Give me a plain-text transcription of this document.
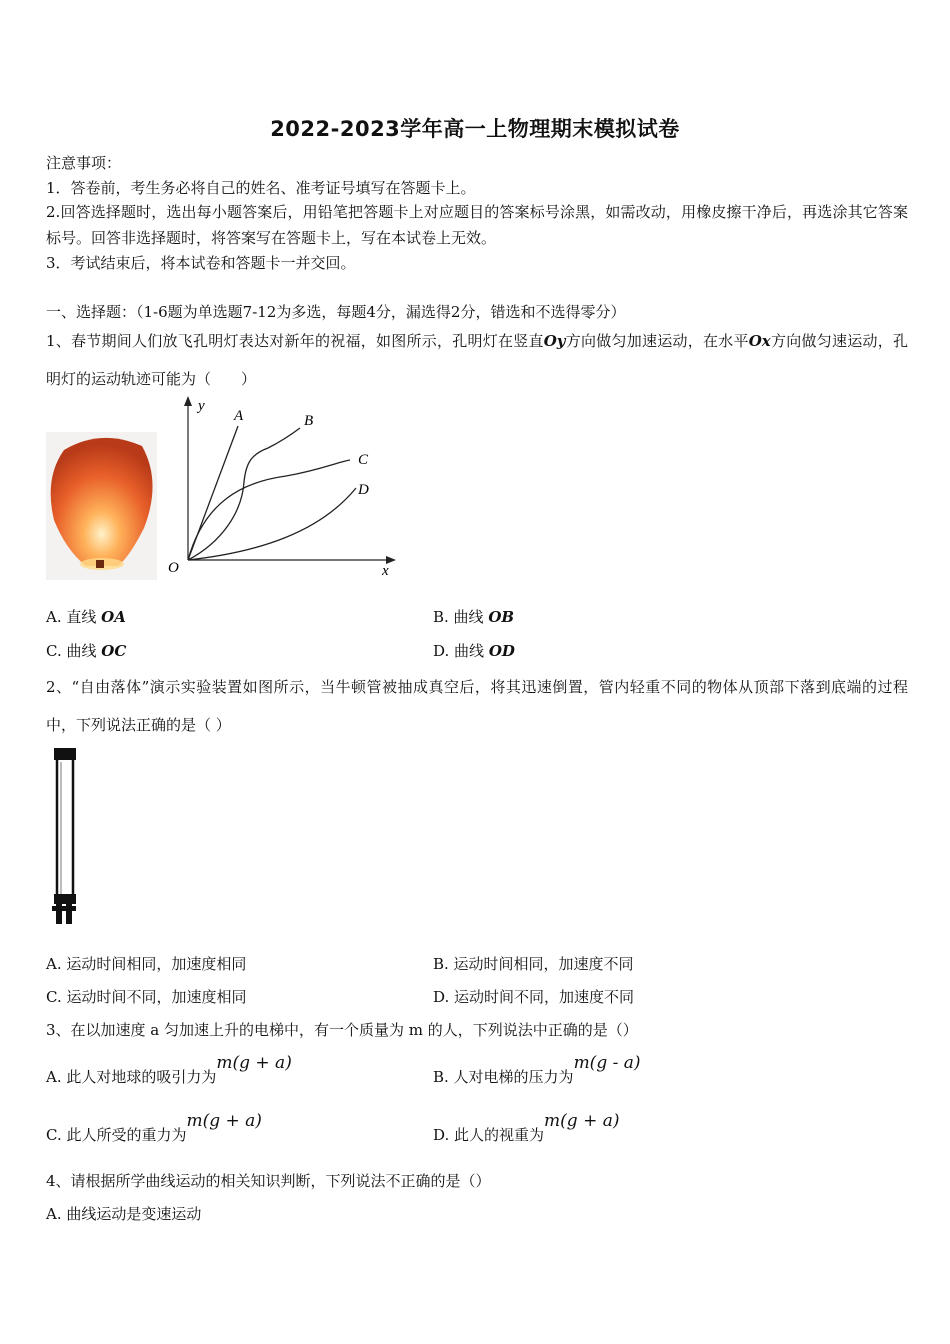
2022-2023学年高一上物理期末模拟试卷
注意事项：
1．答卷前，考生务必将自己的姓名、准考证号填写在答题卡上。
2.回答选择题时，选出每小题答案后，用铅笔把答题卡上对应题目的答案标号涂黑，如需改动，用橡皮擦干净后，再选涂其它答案标号。回答非选择题时，将答案写在答题卡上，写在本试卷上无效。
3．考试结束后，将本试卷和答题卡一并交回。
一、选择题：（1-6题为单选题7-12为多选，每题4分，漏选得2分，错选和不选得零分）
1、春节期间人们放飞孔明灯表达对新年的祝福，如图所示，孔明灯在竖直Oy方向做匀加速运动，在水平Ox方向做匀速运动，孔明灯的运动轨迹可能为（　　）
y
x
O
A	B
C
D
A. 直线 OA	B. 曲线 OB
C. 曲线 OC	D. 曲线 OD
2、“自由落体”演示实验装置如图所示，当牛顿管被抽成真空后，将其迅速倒置，管内轻重不同的物体从顶部下落到底端的过程中，下列说法正确的是（ ）
A. 运动时间相同，加速度相同	B. 运动时间相同，加速度不同
C. 运动时间不同，加速度相同	D. 运动时间不同，加速度不同
3、在以加速度 a 匀加速上升的电梯中，有一个质量为 m 的人，下列说法中正确的是（）
A. 此人对地球的吸引力为m(g + a)
B. 人对电梯的压力为m(g - a)
C. 此人所受的重力为m(g + a)
D. 此人的视重为m(g + a)
4、请根据所学曲线运动的相关知识判断，下列说法不正确的是（）
A. 曲线运动是变速运动
